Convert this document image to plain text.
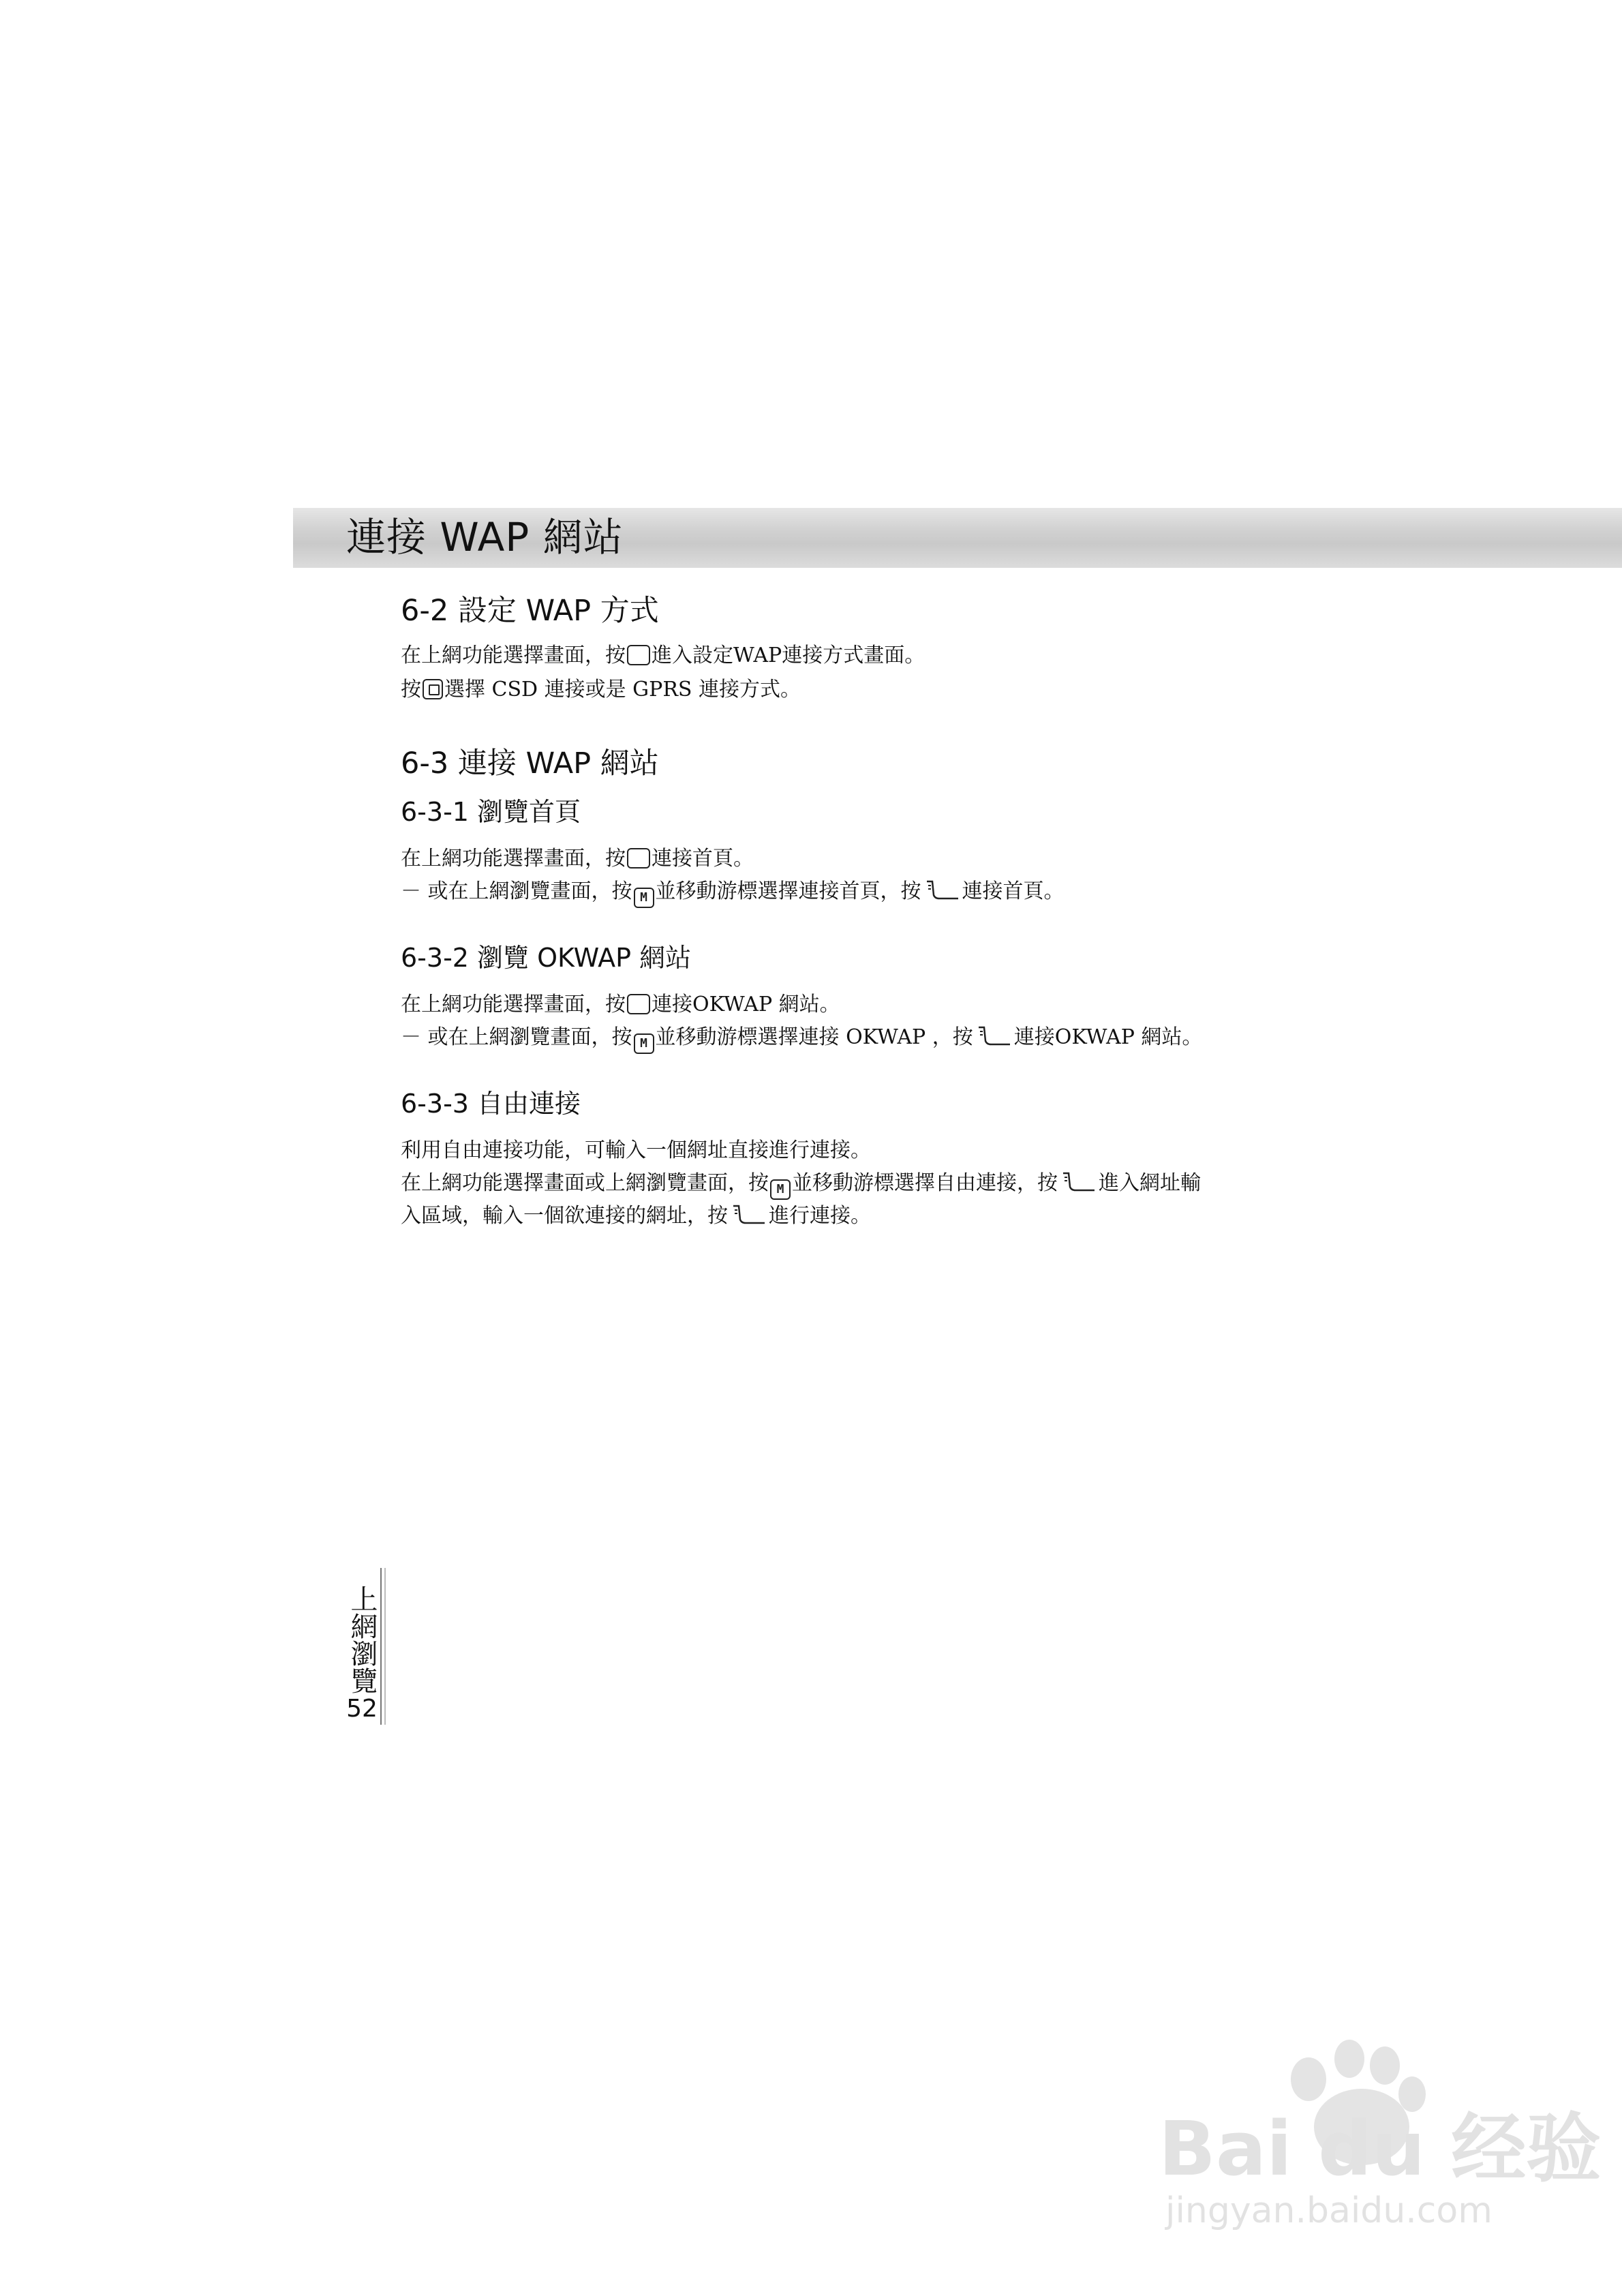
連接 WAP 網站
6-2 設定 WAP 方式
在上網功能選擇畫面，按 進入設定WAP連接方式畫面。
按 選擇 CSD 連接或是 GPRS 連接方式。
6-3 連接 WAP 網站
6-3-1 瀏覽首頁
在上網功能選擇畫面，按 連接首頁。
－ 或在上網瀏覽畫面，按 M 並移動游標選擇連接首頁，按 連接首頁。
6-3-2 瀏覽 OKWAP 網站
在上網功能選擇畫面，按 連接OKWAP 網站。
－ 或在上網瀏覽畫面，按 M 並移動游標選擇連接 OKWAP ，按 連接OKWAP 網站。
6-3-3 自由連接
利用自由連接功能，可輸入一個網址直接進行連接。
在上網功能選擇畫面或上網瀏覽畫面，按 M 並移動游標選擇自由連接，按 進入網址輸
入區域，輸入一個欲連接的網址，按 進行連接。
上網瀏覽
52
Bai du 经验
jingyan.baidu.com
